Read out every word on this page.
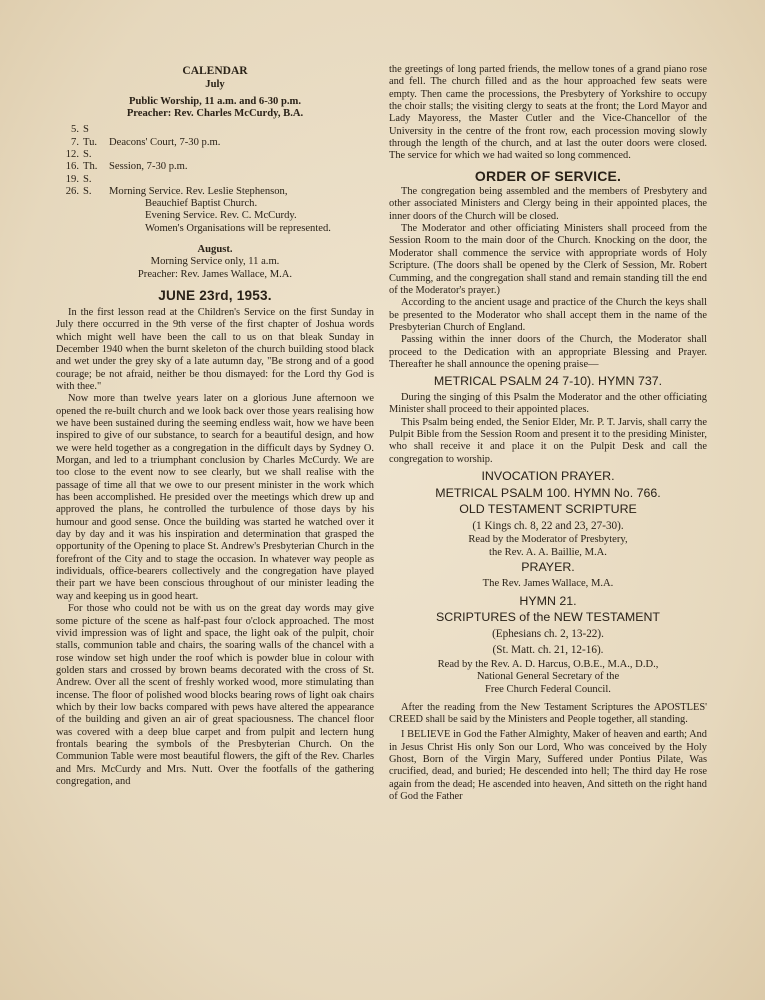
CALENDAR
July
Public Worship, 11 a.m. and 6-30 p.m.
Preacher: Rev. Charles McCurdy, B.A.
5. S
7. Tu.	Deacons' Court, 7-30 p.m.
12. S.
16. Th.	Session, 7-30 p.m.
19. S.
26. S.	Morning Service. Rev. Leslie Stephenson,
Beauchief Baptist Church.
Evening Service. Rev. C. McCurdy.
Women's Organisations will be represented.
August.
Morning Service only, 11 a.m.
Preacher: Rev. James Wallace, M.A.
JUNE 23rd, 1953.

In the first lesson read at the Children's Service on the first Sunday in July there occurred in the 9th verse of the first chapter of Joshua words which might well have been the call to us on that bleak Sunday in December 1940 when the burnt skeleton of the church building stood black and wet under the grey sky of a late autumn day, "Be strong and of a good courage; be not afraid, neither be thou dismayed: for the Lord thy God is with thee."

Now more than twelve years later on a glorious June afternoon we opened the re-built church and we look back over those years realising how we have been sustained during the seeming endless wait, how we have been inspired to give of our substance, to search for a beautiful design, and how we were held together as a congregation in the difficult days by Sydney O. Morgan, and led to a triumphant conclusion by Charles McCurdy. We are too close to the event now to see clearly, but we shall realise with the passage of time all that we owe to our present minister in the work which has been accomplished. He presided over the meetings which drew up and approved the plans, he controlled the turbulence of those days by his humour and good sense. Once the building was started he watched over it day by day and it was his inspiration and determination that grasped the opportunity of the Opening to place St. Andrew's Presbyterian Church in the forefront of the City and to stage the occasion. In whatever way people as individuals, office-bearers collectively and the congregation have played their part we have been conscious throughout of our minister leading the way and keeping us in good heart.

For those who could not be with us on the great day words may give some picture of the scene as half-past four o'clock approached. The most vivid impression was of light and space, the light oak of the pulpit, choir stalls, communion table and chairs, the soaring walls of the chancel with a rose window set high under the roof which is powder blue in colour with golden stars and crossed by brown beams decorated with the cross of St. Andrew. Over all the scent of freshly worked wood, more stimulating than incense. The floor of polished wood blocks bearing rows of light oak chairs which by their low backs compared with pews have altered the appearance of the building and given an air of great spaciousness. The chancel floor was covered with a deep blue carpet and from pulpit and lectern hung frontals bearing the symbols of the Presbyterian Church. On the Communion Table were most beautiful flowers, the gift of the Rev. Charles and Mrs. McCurdy and Mrs. Nutt. Over the footfalls of the gathering congregation, and

the greetings of long parted friends, the mellow tones of a grand piano rose and fell. The church filled and as the hour approached few seats were empty. Then came the processions, the Presbytery of Yorkshire to occupy the choir stalls; the visiting clergy to seats at the front; the Lord Mayor and Lady Mayoress, the Master Cutler and the Vice-Chancellor of the University in the centre of the front row, each procession moving slowly through the length of the church, and at last the outer doors were closed. The service for which we had waited so long commenced.

ORDER OF SERVICE.

The congregation being assembled and the members of Presbytery and other associated Ministers and Clergy being in their appointed places, the inner doors of the Church will be closed.

The Moderator and other officiating Ministers shall proceed from the Session Room to the main door of the Church. Knocking on the door, the Moderator shall commence the service with appropriate words of Holy Scripture. (The doors shall be opened by the Clerk of Session, Mr. Robert Cumming, and the congregation shall stand and remain standing till the end of the Moderator's prayer.)

According to the ancient usage and practice of the Church the keys shall be presented to the Moderator who shall accept them in the name of the Presbyterian Church of England.

Passing within the inner doors of the Church, the Moderator shall proceed to the Dedication with an appropriate Blessing and Prayer. Thereafter he shall announce the opening praise—

METRICAL PSALM 24 7-10). HYMN 737.

During the singing of this Psalm the Moderator and the other officiating Minister shall proceed to their appointed places.

This Psalm being ended, the Senior Elder, Mr. P. T. Jarvis, shall carry the Pulpit Bible from the Session Room and present it to the presiding Minister, who shall receive it and place it on the Pulpit Desk and call the congregation to worship.

INVOCATION PRAYER.
METRICAL PSALM 100. HYMN No. 766.
OLD TESTAMENT SCRIPTURE
(1 Kings ch. 8, 22 and 23, 27-30).
Read by the Moderator of Presbytery,
the Rev. A. A. Baillie, M.A.
PRAYER.
The Rev. James Wallace, M.A.
HYMN 21.
SCRIPTURES of the NEW TESTAMENT
(Ephesians ch. 2, 13-22).
(St. Matt. ch. 21, 12-16).
Read by the Rev. A. D. Harcus, O.B.E., M.A., D.D.,
National General Secretary of the
Free Church Federal Council.

After the reading from the New Testament Scriptures the APOSTLES' CREED shall be said by the Ministers and People together, all standing.

I BELIEVE in God the Father Almighty, Maker of heaven and earth; And in Jesus Christ His only Son our Lord, Who was conceived by the Holy Ghost, Born of the Virgin Mary, Suffered under Pontius Pilate, Was crucified, dead, and buried; He descended into hell; The third day He rose again from the dead; He ascended into heaven, And sitteth on the right hand of God the Father
